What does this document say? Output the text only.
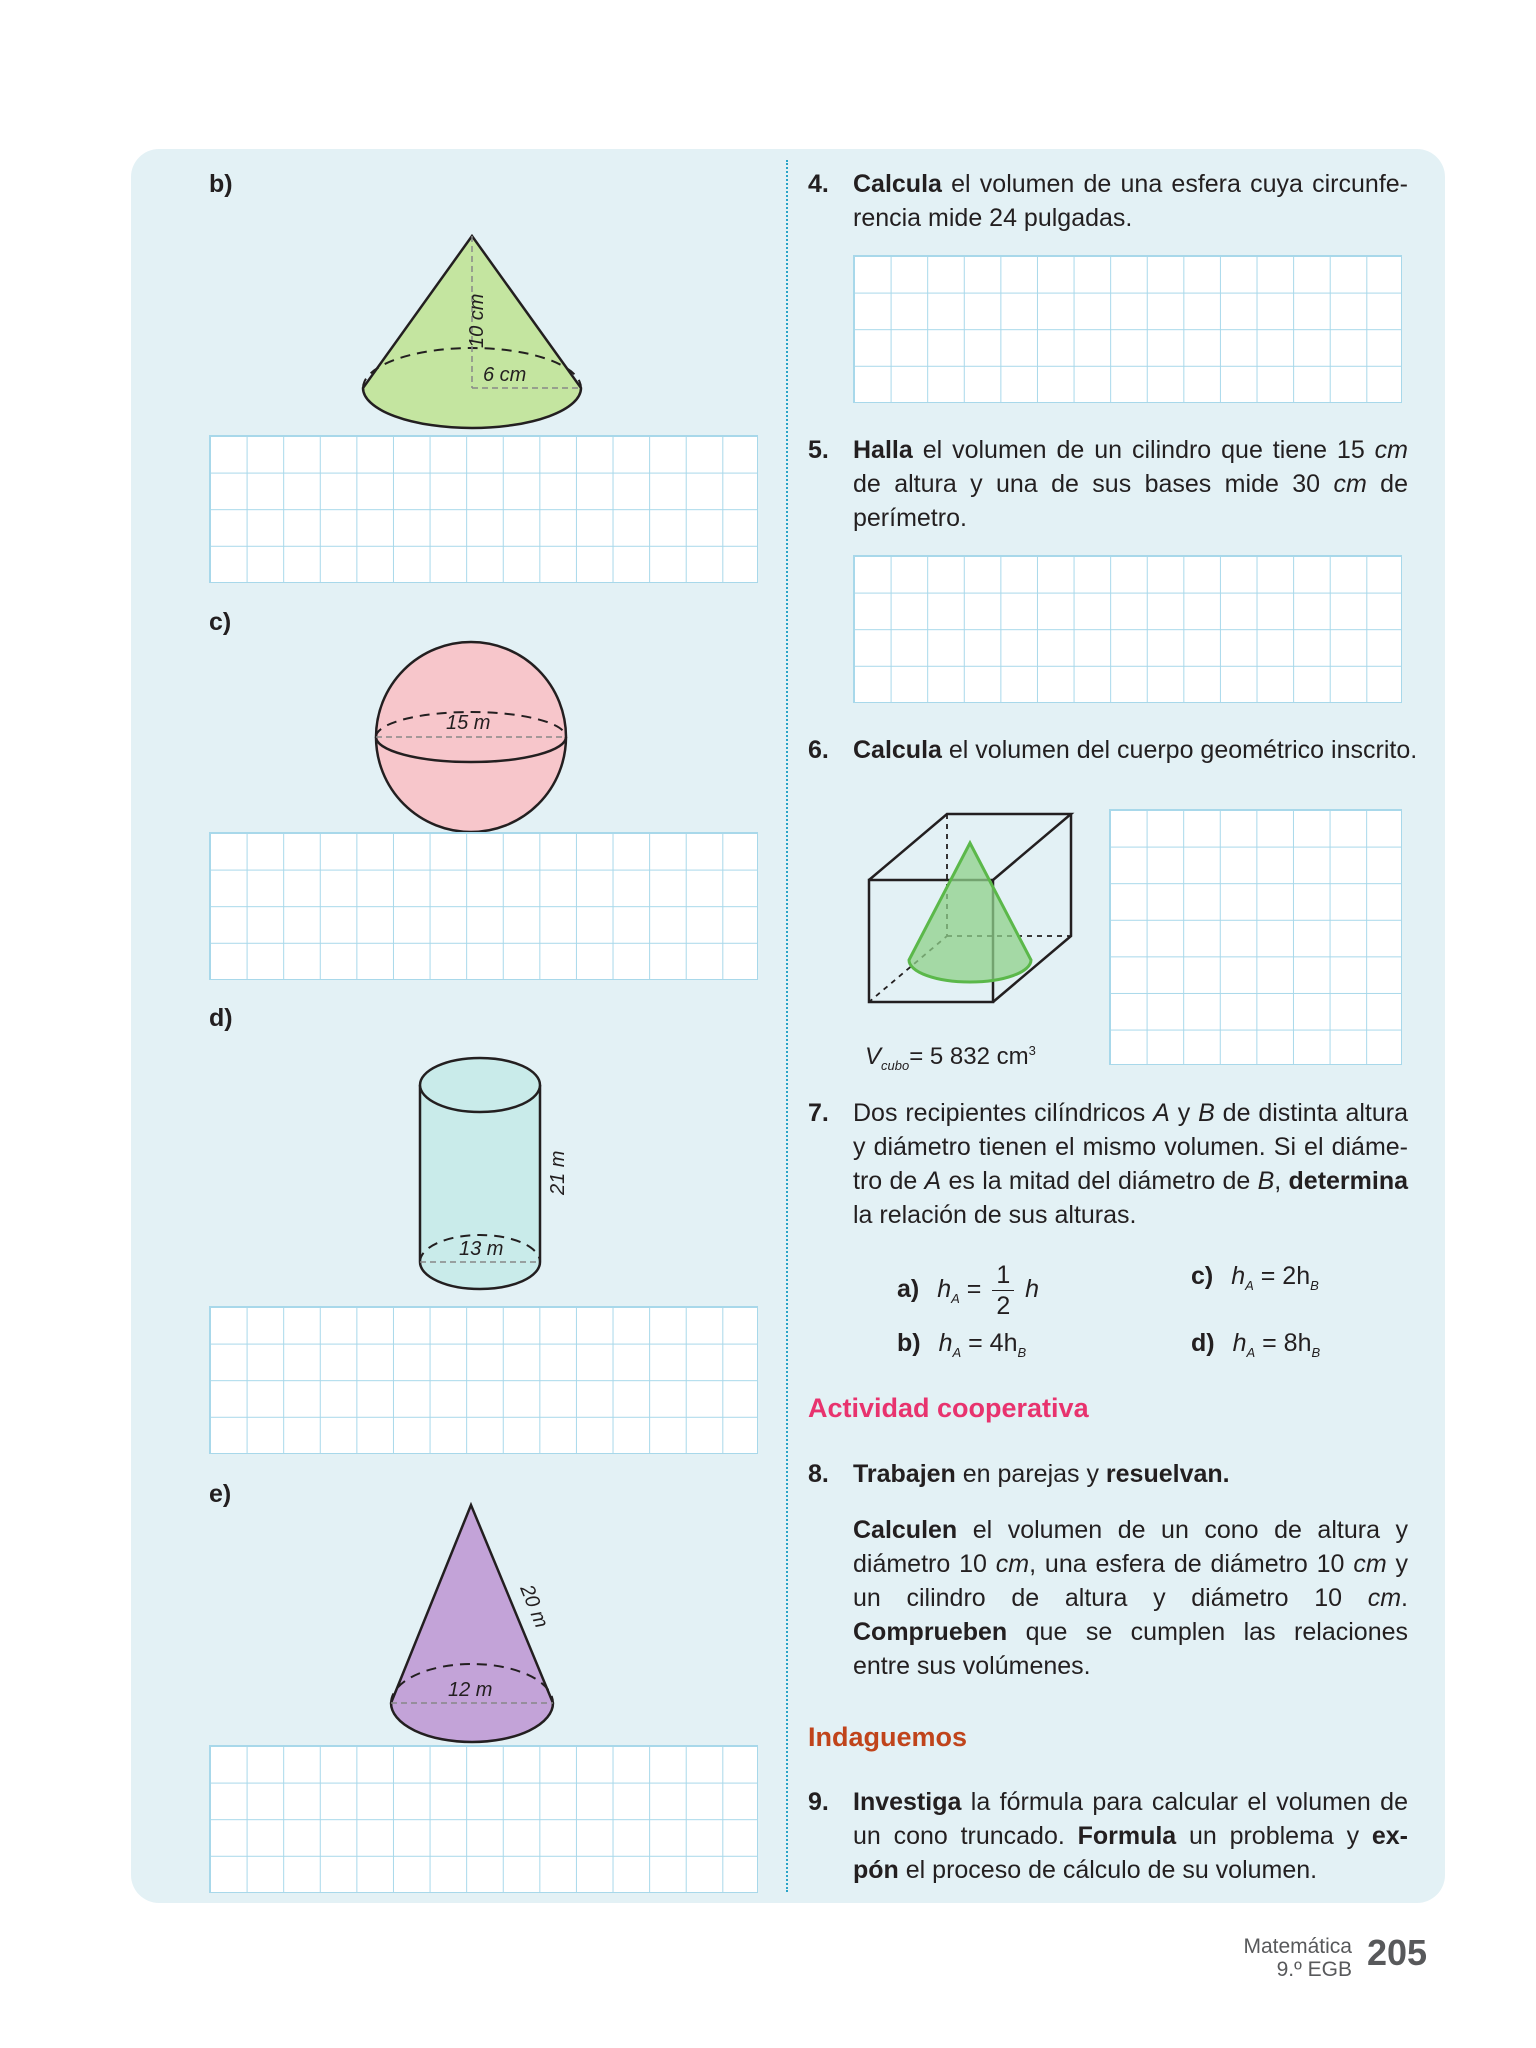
b)
10 cm
6 cm
c)
15 m
d)
21 m
13 m
e)
20 m
12 m
4. Calcula el volumen de una esfera cuya circunfe-rencia mide 24 pulgadas.
5. Halla el volumen de un cilindro que tiene 15 cm de altura y una de sus bases mide 30 cm de perímetro.
6. Calcula el volumen del cuerpo geométrico inscrito.
$V_{cubo}= 5$ 832 $cm^3$
7. Dos recipientes cilíndricos A y B de distinta altura y diámetro tienen el mismo volumen. Si el diáme-tro de A es la mitad del diámetro de B, determina la relación de sus alturas.
a) $h_A = \frac{1}{2}$ h
b) $h_A = 4h_B$
c) $h_A = 2h_B$
d) $h_A = 8h_B$
Actividad cooperativa
8. Trabajen en parejas y resuelvan.
Calculen el volumen de un cono de altura y diámetro 10 cm, una esfera de diámetro 10 cm y un cilindro de altura y diámetro 10 cm. Comprueben que se cumplen las relaciones entre sus volúmenes.
Indaguemos
9. Investiga la fórmula para calcular el volumen de un cono truncado. Formula un problema y ex-pón el proceso de cálculo de su volumen.
Matemática
9.º EGB 205
